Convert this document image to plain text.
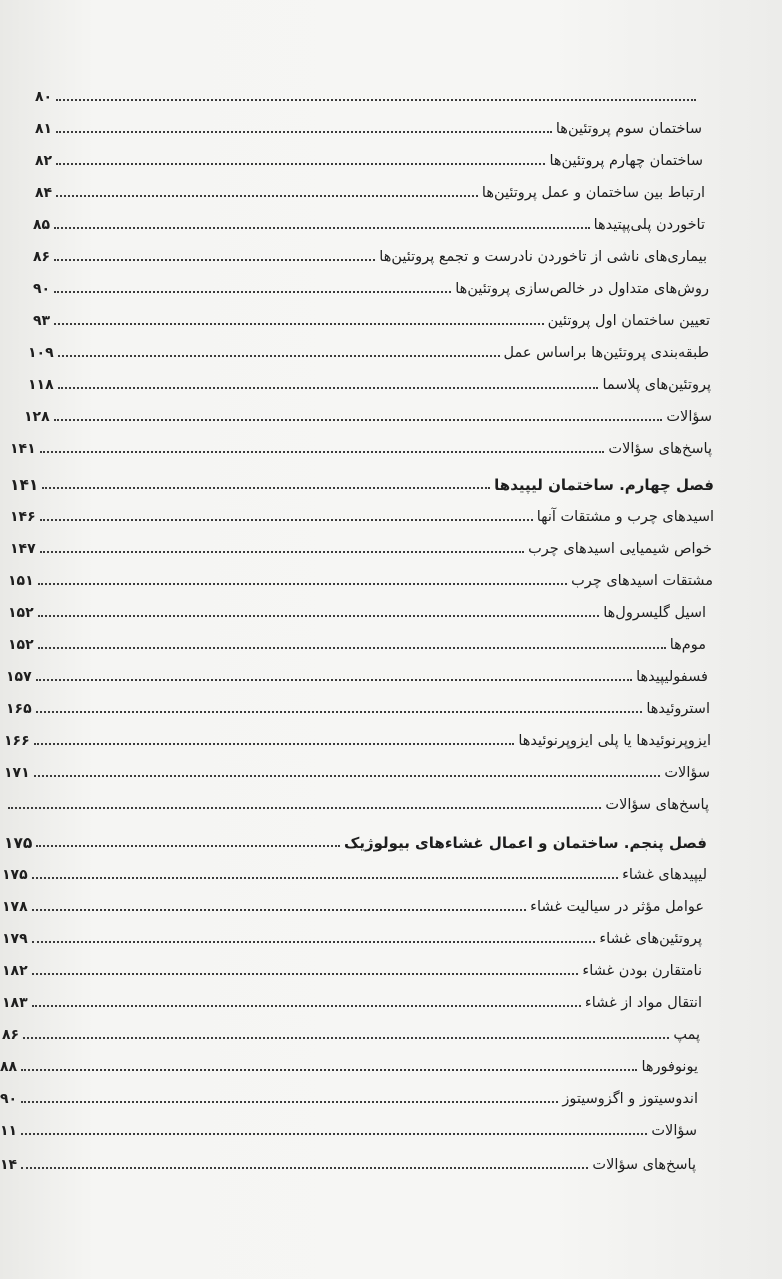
۸۰
ساختمان سوم پروتئین‌ها
۸۱
ساختمان چهارم پروتئین‌ها
۸۲
ارتباط بین ساختمان و عمل پروتئین‌ها
۸۴
تاخوردن پلی‌پپتیدها
۸۵
بیماری‌های ناشی از تاخوردن نادرست و تجمع پروتئین‌ها
۸۶
روش‌های متداول در خالص‌سازی پروتئین‌ها
۹۰
تعیین ساختمان اول پروتئین
۹۳
طبقه‌بندی پروتئین‌ها براساس عمل
۱۰۹
پروتئین‌های پلاسما
۱۱۸
سؤالات
۱۲۸
پاسخ‌های سؤالات
۱۴۱
فصل چهارم. ساختمان لیپیدها
۱۴۱
اسیدهای چرب و مشتقات آنها
۱۴۶
خواص شیمیایی اسیدهای چرب
۱۴۷
مشتقات اسیدهای چرب
۱۵۱
اسیل گلیسرول‌ها
۱۵۲
موم‌ها
۱۵۲
فسفولیپیدها
۱۵۷
استروئیدها
۱۶۵
ایزوپرنوئیدها یا پلی ایزوپرنوئیدها
۱۶۶
سؤالات
۱۷۱
پاسخ‌های سؤالات
فصل پنجم. ساختمان و اعمال غشاءهای بیولوژیک
۱۷۵
لیپیدهای غشاء
۱۷۵
عوامل مؤثر در سیالیت غشاء
۱۷۸
پروتئین‌های غشاء
۱۷۹
نامتقارن بودن غشاء
۱۸۲
انتقال مواد از غشاء
۱۸۳
پمپ
۸۶
یونوفورها
۸۸
اندوسیتوز و اگزوسیتوز
۹۰
سؤالات
۱۱
پاسخ‌های سؤالات
۱۴
